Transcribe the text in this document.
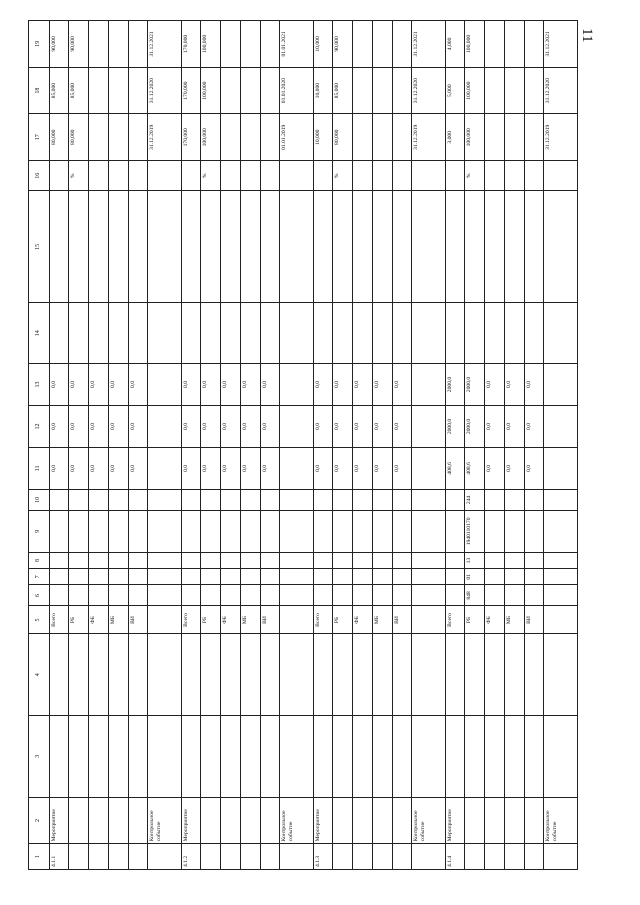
11
1	2	3	4	5	6	7	8	9	10	11	12	13	14	15	16	17	18	19
4.1.1	Мероприятие			Всего						0,0	0,0	0,0				80,000	85,000	90,000
				РБ						0,0	0,0	0,0			%	80,000	85,000	90,000
				ФБ						0,0	0,0	0,0						
				МБ						0,0	0,0	0,0						
				ВИ						0,0	0,0	0,0						
	Контрольное событие															31.12.2019	31.12.2020	31.12.2021
4.1.2	Мероприятие			Всего						0,0	0,0	0,0				170,000	170,000	170,000
				РБ						0,0	0,0	0,0			%	100,000	100,000	100,000
				ФБ						0,0	0,0	0,0						
				МБ						0,0	0,0	0,0						
				ВИ						0,0	0,0	0,0						
	Контрольное событие															01.01.2019	01.01.2020	01.01.2021
4.1.3	Мероприятие			Всего						0,0	0,0	0,0				10,000	10,000	10,000
				РБ						0,0	0,0	0,0			%	80,000	85,000	90,000
				ФБ						0,0	0,0	0,0						
				МБ						0,0	0,0	0,0						
				ВИ						0,0	0,0	0,0						
	Контрольное событие															31.12.2019	31.12.2020	31.12.2021
4.1.4	Мероприятие			Всего						408,6	2000,0	2000,0				3,000	5,000	4,000
				РБ	848	01	13	1940110170	244	408,6	2000,0	2000,0			%	100,000	100,000	100,000
				ФБ						0,0	0,0	0,0						
				МБ						0,0	0,0	0,0						
				ВИ						0,0	0,0	0,0						
	Контрольное событие															31.12.2019	31.12.2020	31.12.2021
